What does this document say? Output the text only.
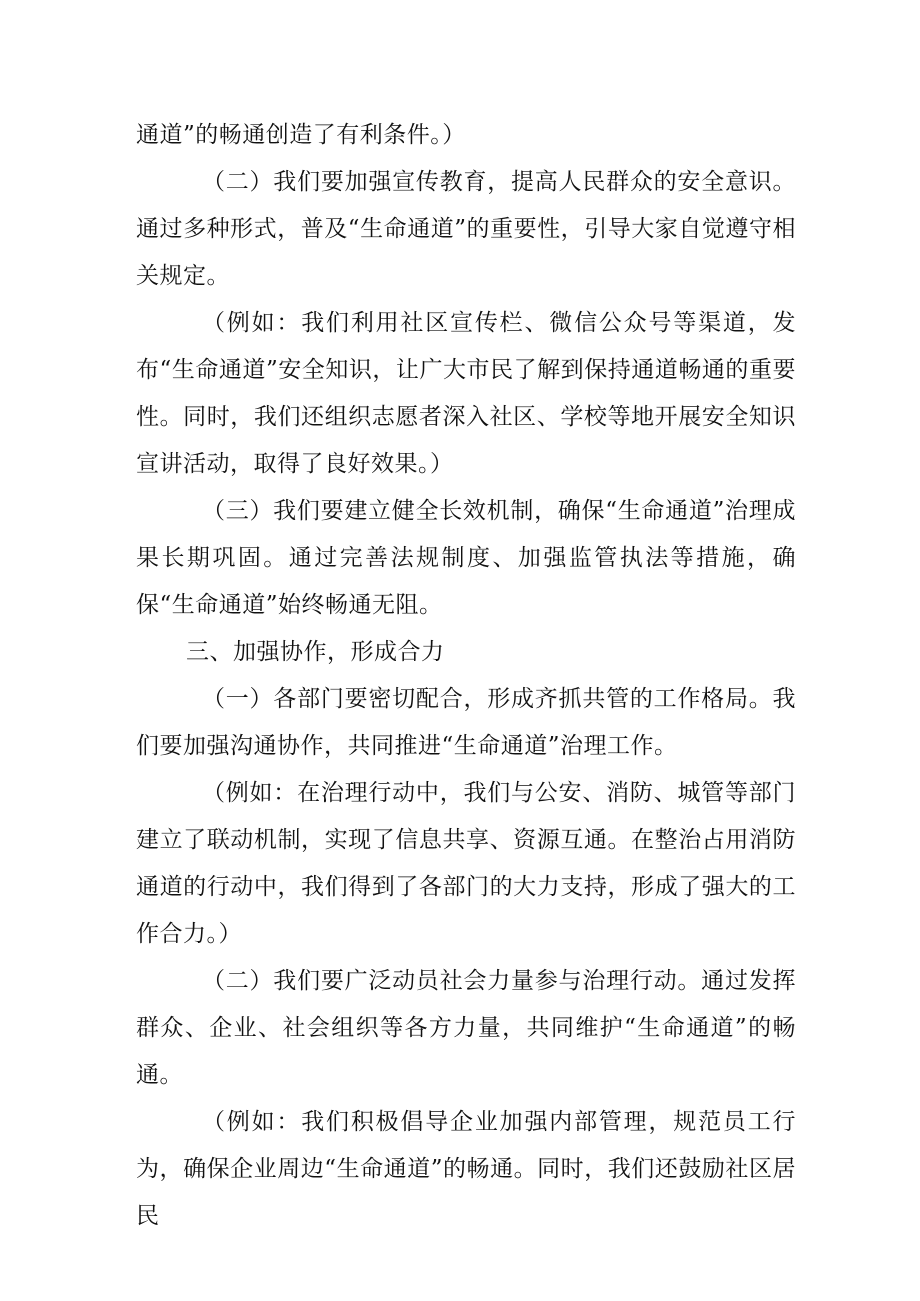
通道”的畅通创造了有利条件。）

（二）我们要加强宣传教育，提高人民群众的安全意识。通过多种形式，普及“生命通道”的重要性，引导大家自觉遵守相关规定。

（例如：我们利用社区宣传栏、微信公众号等渠道，发布“生命通道”安全知识，让广大市民了解到保持通道畅通的重要性。同时，我们还组织志愿者深入社区、学校等地开展安全知识宣讲活动，取得了良好效果。）

（三）我们要建立健全长效机制，确保“生命通道”治理成果长期巩固。通过完善法规制度、加强监管执法等措施，确保“生命通道”始终畅通无阻。

三、加强协作，形成合力

（一）各部门要密切配合，形成齐抓共管的工作格局。我们要加强沟通协作，共同推进“生命通道”治理工作。

（例如：在治理行动中，我们与公安、消防、城管等部门建立了联动机制，实现了信息共享、资源互通。在整治占用消防通道的行动中，我们得到了各部门的大力支持，形成了强大的工作合力。）

（二）我们要广泛动员社会力量参与治理行动。通过发挥群众、企业、社会组织等各方力量，共同维护“生命通道”的畅通。

（例如：我们积极倡导企业加强内部管理，规范员工行为，确保企业周边“生命通道”的畅通。同时，我们还鼓励社区居民
